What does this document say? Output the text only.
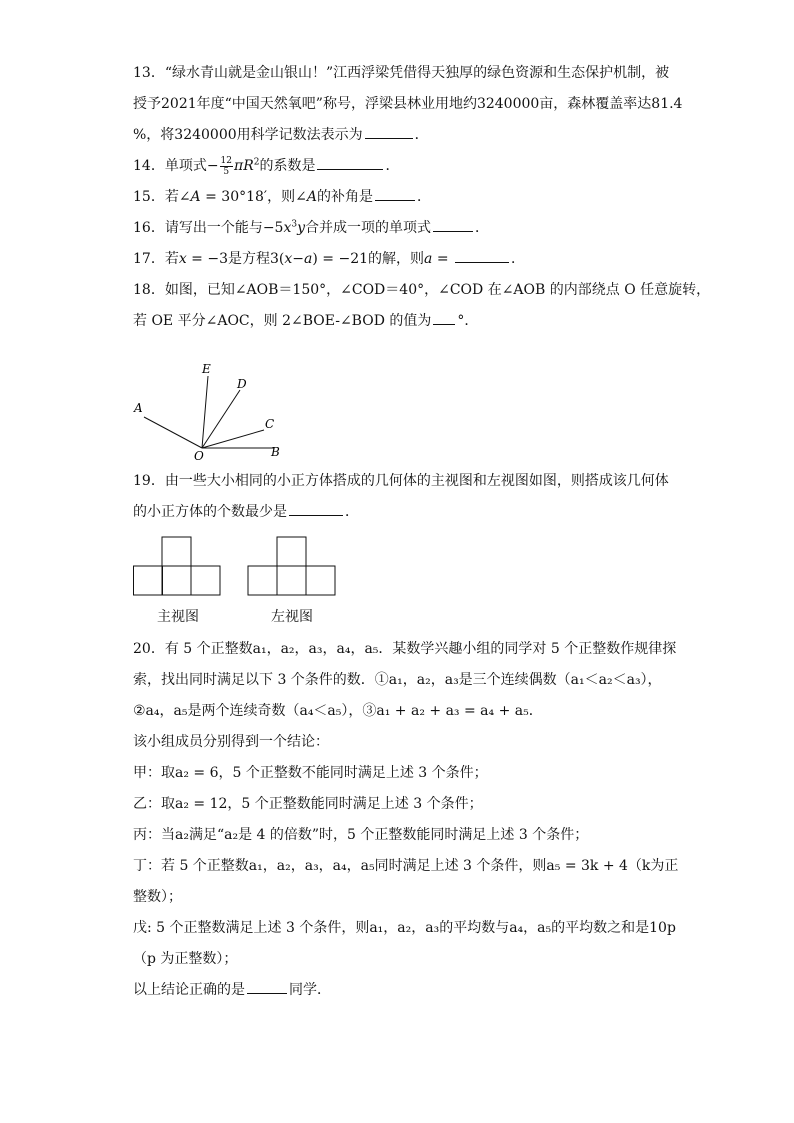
13．“绿水青山就是金山银山！”江西浮梁凭借得天独厚的绿色资源和生态保护机制，被

授予2021年度“中国天然氧吧”称号，浮梁县林业用地约3240000亩，森林覆盖率达81.4

%，将3240000用科学记数法表示为	．

14．单项式− $\frac{12}{5} \pi R^2$的系数是	．

15．若∠A = 30°18′，则∠A的补角是	．

16．请写出一个能与$-5x^3y$合并成一项的单项式	．

17．若x = −3是方程3(x−a) = −21的解，则a =	．

18．如图，已知∠AOB＝150°，∠COD＝40°，∠COD 在∠AOB 的内部绕点 O 任意旋转，

若 OE 平分∠AOC，则 2∠BOE-∠BOD 的值为 °．

A
E
D
C
B
O

19．由一些大小相同的小正方体搭成的几何体的主视图和左视图如图，则搭成该几何体

的小正方体的个数最少是	．

主视图	左视图

20．有 5 个正整数a₁，a₂，a₃，a₄，a₅．某数学兴趣小组的同学对 5 个正整数作规律探

索，找出同时满足以下 3 个条件的数．①a₁，a₂，a₃是三个连续偶数（a₁＜a₂＜a₃），

②a₄，a₅是两个连续奇数（a₄＜a₅），③a₁ + a₂ + a₃ = a₄ + a₅．

该小组成员分别得到一个结论：

甲：取a₂ = 6，5 个正整数不能同时满足上述 3 个条件；

乙：取a₂ = 12，5 个正整数能同时满足上述 3 个条件；

丙：当a₂满足“a₂是 4 的倍数”时，5 个正整数能同时满足上述 3 个条件；

丁：若 5 个正整数a₁，a₂，a₃，a₄，a₅同时满足上述 3 个条件，则a₅ = 3k + 4（k为正

整数）；

戊: 5 个正整数满足上述 3 个条件，则a₁，a₂，a₃的平均数与a₄，a₅的平均数之和是10p

（p 为正整数）；

以上结论正确的是	同学．
